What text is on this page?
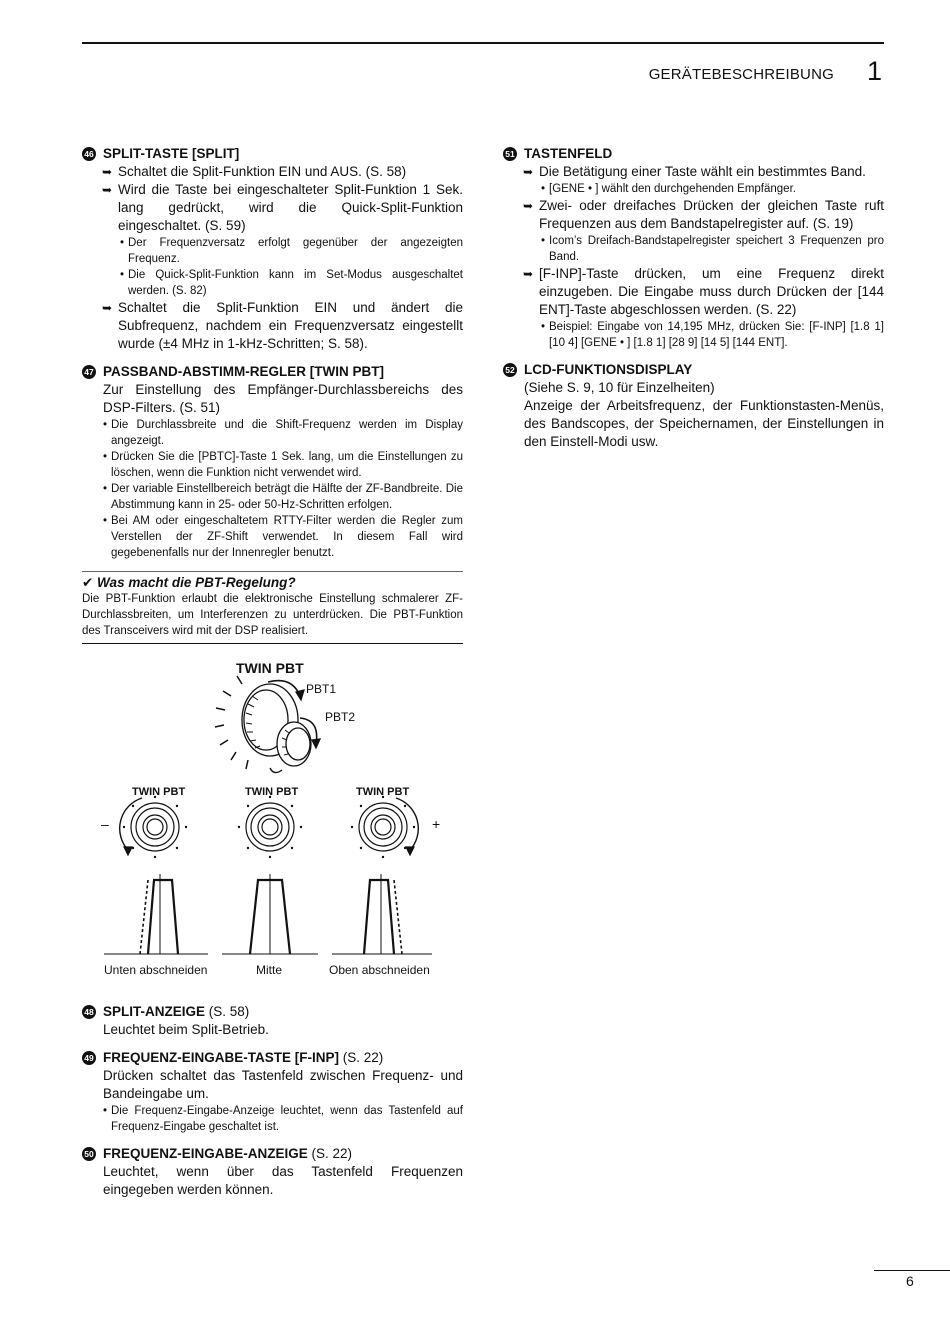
GERÄTEBESCHREIBUNG 1
46 SPLIT-TASTE [SPLIT]
➥ Schaltet die Split-Funktion EIN und AUS. (S. 58)
➥ Wird die Taste bei eingeschalteter Split-Funktion 1 Sek. lang gedrückt, wird die Quick-Split-Funktion eingeschaltet. (S. 59)
• Der Frequenzversatz erfolgt gegenüber der angezeigten Frequenz.
• Die Quick-Split-Funktion kann im Set-Modus ausgeschaltet werden. (S. 82)
➥ Schaltet die Split-Funktion EIN und ändert die Subfrequenz, nachdem ein Frequenzversatz eingestellt wurde (±4 MHz in 1-kHz-Schritten; S. 58).
47 PASSBAND-ABSTIMM-REGLER [TWIN PBT]
Zur Einstellung des Empfänger-Durchlassbereichs des DSP-Filters. (S. 51)
• Die Durchlassbreite und die Shift-Frequenz werden im Display angezeigt.
• Drücken Sie die [PBTC]-Taste 1 Sek. lang, um die Einstellungen zu löschen, wenn die Funktion nicht verwendet wird.
• Der variable Einstellbereich beträgt die Hälfte der ZF-Bandbreite. Die Abstimmung kann in 25- oder 50-Hz-Schritten erfolgen.
• Bei AM oder eingeschaltetem RTTY-Filter werden die Regler zum Verstellen der ZF-Shift verwendet. In diesem Fall wird gegebenenfalls nur der Innenregler benutzt.
✔ Was macht die PBT-Regelung?
Die PBT-Funktion erlaubt die elektronische Einstellung schmalerer ZF-Durchlassbreiten, um Interferenzen zu unterdrücken. Die PBT-Funktion des Transceivers wird mit der DSP realisiert.
TWIN PBT
PBT1
PBT2
TWIN PBT	TWIN PBT	TWIN PBT
–	+
Unten abschneiden	Mitte	Oben abschneiden
48 SPLIT-ANZEIGE (S. 58)
Leuchtet beim Split-Betrieb.
49 FREQUENZ-EINGABE-TASTE [F-INP] (S. 22)
Drücken schaltet das Tastenfeld zwischen Frequenz- und Bandeingabe um.
• Die Frequenz-Eingabe-Anzeige leuchtet, wenn das Tastenfeld auf Frequenz-Eingabe geschaltet ist.
50 FREQUENZ-EINGABE-ANZEIGE (S. 22)
Leuchtet, wenn über das Tastenfeld Frequenzen eingegeben werden können.
51 TASTENFELD
➥ Die Betätigung einer Taste wählt ein bestimmtes Band.
• [GENE • ] wählt den durchgehenden Empfänger.
➥ Zwei- oder dreifaches Drücken der gleichen Taste ruft Frequenzen aus dem Bandstapelregister auf. (S. 19)
• Icom’s Dreifach-Bandstapelregister speichert 3 Frequenzen pro Band.
➥ [F-INP]-Taste drücken, um eine Frequenz direkt einzugeben. Die Eingabe muss durch Drücken der [144 ENT]-Taste abgeschlossen werden. (S. 22)
• Beispiel: Eingabe von 14,195 MHz, drücken Sie: [F-INP] [1.8 1] [10 4] [GENE • ] [1.8 1] [28 9] [14 5] [144 ENT].
52 LCD-FUNKTIONSDISPLAY
(Siehe S. 9, 10 für Einzelheiten)
Anzeige der Arbeitsfrequenz, der Funktionstasten-Menüs, des Bandscopes, der Speichernamen, der Einstellungen in den Einstell-Modi usw.
6
